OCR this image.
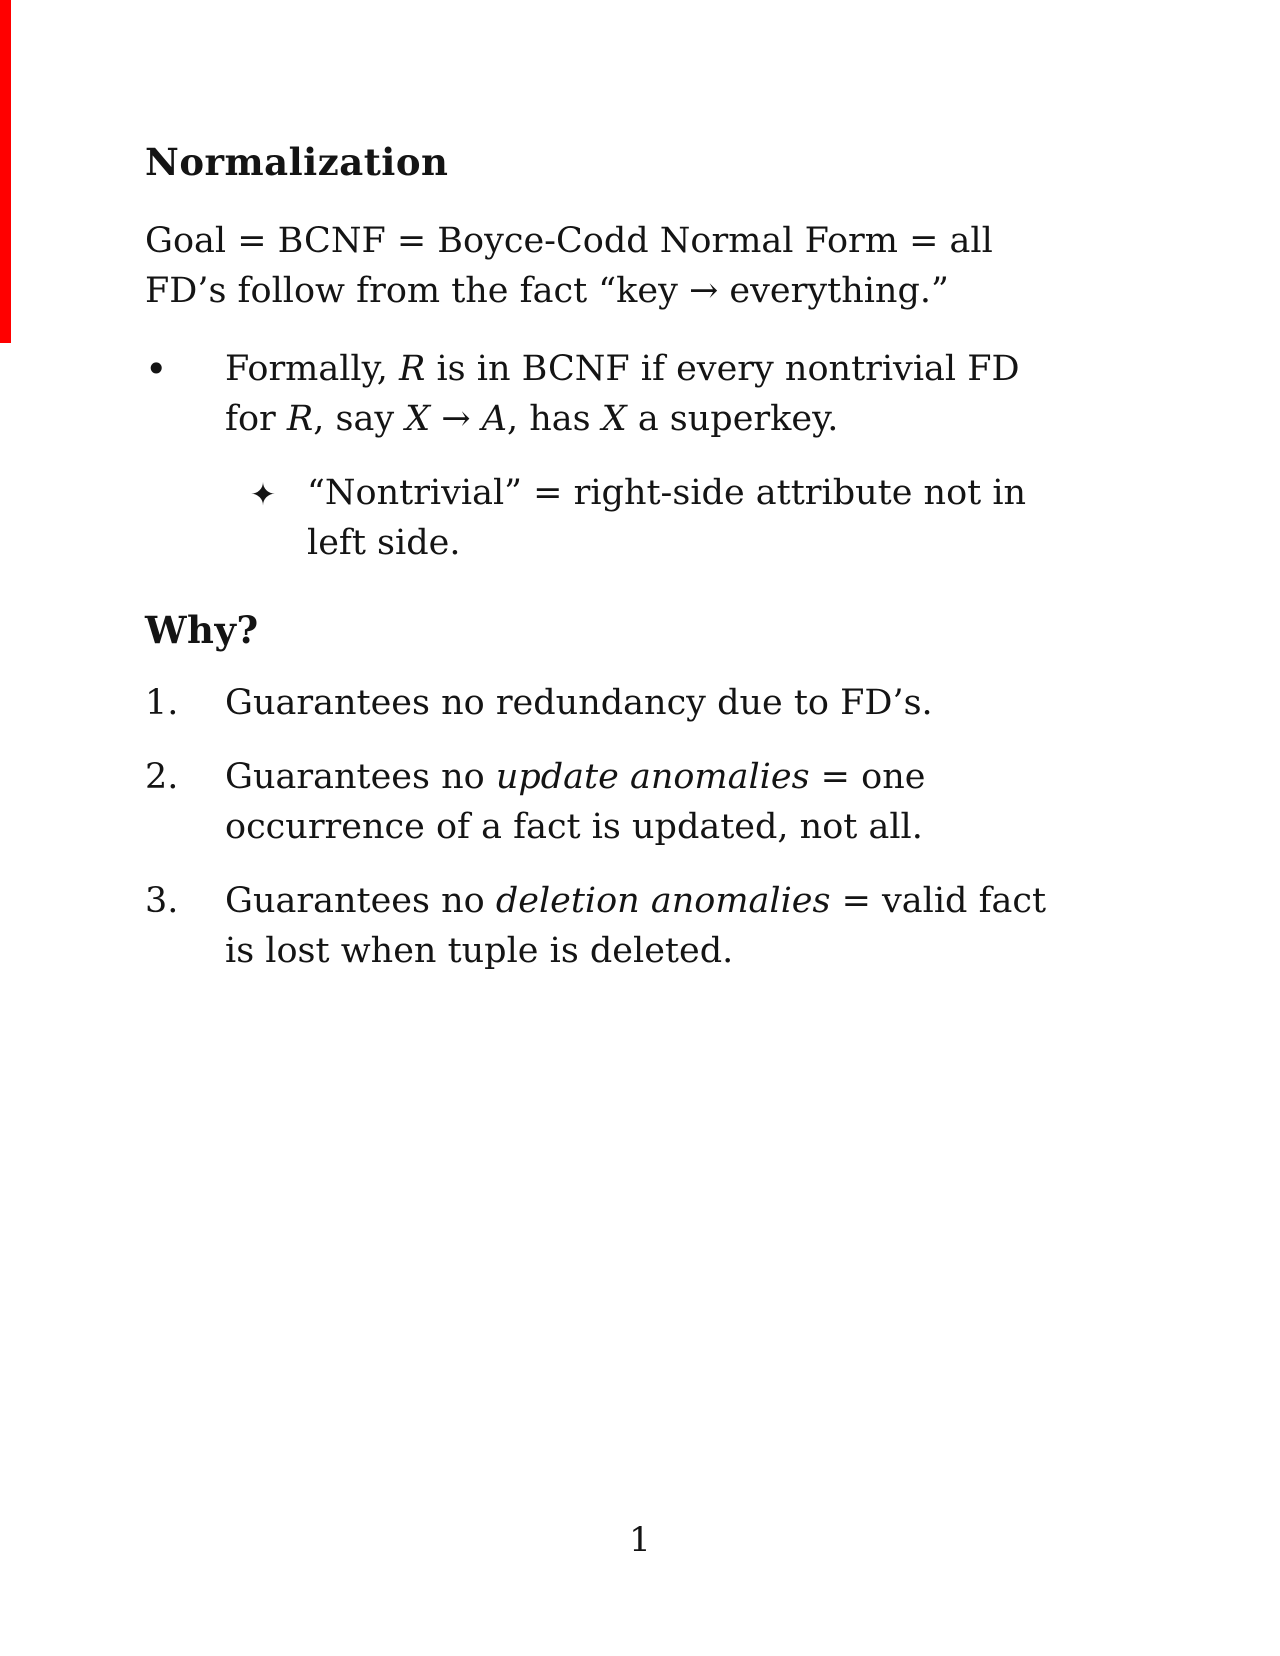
Normalization

Goal = BCNF = Boyce-Codd Normal Form = all
FD’s follow from the fact “key → everything.”

•	Formally, R is in BCNF if every nontrivial FD
for R, say X → A, has X a superkey.

✦ “Nontrivial” = right-side attribute not in
left side.

Why?
1.	Guarantees no redundancy due to FD’s.

2.	Guarantees no update anomalies = one
occurrence of a fact is updated, not all.

3.	Guarantees no deletion anomalies = valid fact
is lost when tuple is deleted.

1
